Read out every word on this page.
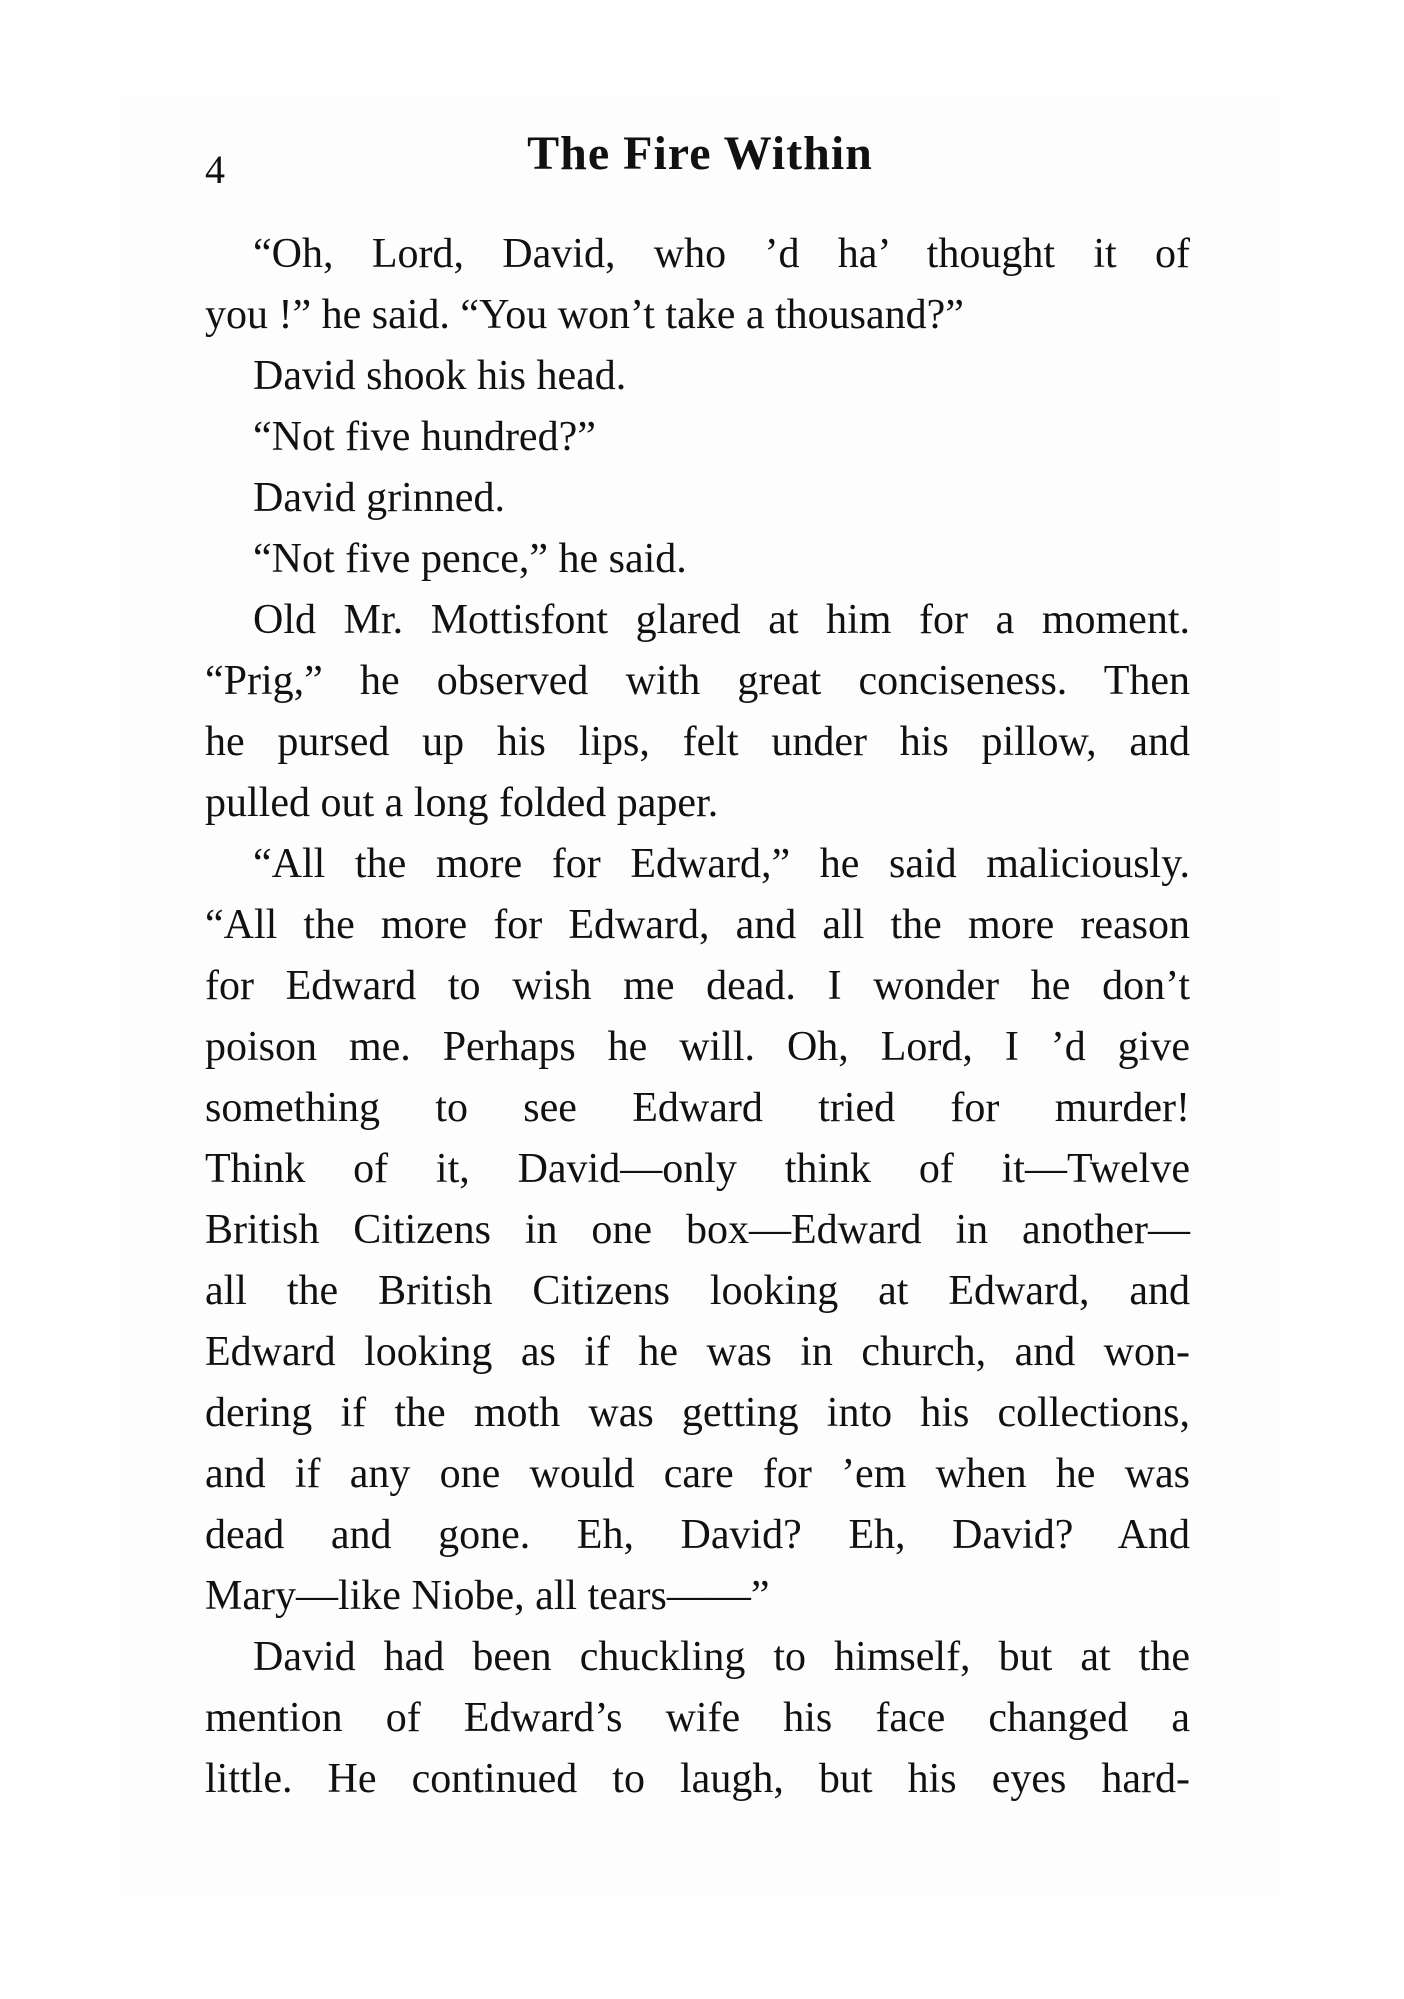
4	The Fire Within
“Oh, Lord, David, who ’d ha’ thought it of
you !” he said. “You won’t take a thousand?”
David shook his head.
“Not five hundred?”
David grinned.
“Not five pence,” he said.
Old Mr. Mottisfont glared at him for a moment.
“Prig,” he observed with great conciseness. Then
he pursed up his lips, felt under his pillow, and
pulled out a long folded paper.
“All the more for Edward,” he said maliciously.
“All the more for Edward, and all the more reason
for Edward to wish me dead. I wonder he don’t
poison me. Perhaps he will. Oh, Lord, I ’d give
something to see Edward tried for murder!
Think of it, David—only think of it—Twelve
British Citizens in one box—Edward in another—
all the British Citizens looking at Edward, and
Edward looking as if he was in church, and won-
dering if the moth was getting into his collections,
and if any one would care for ’em when he was
dead and gone. Eh, David? Eh, David? And
Mary—like Niobe, all tears——”
David had been chuckling to himself, but at the
mention of Edward’s wife his face changed a
little. He continued to laugh, but his eyes hard-
